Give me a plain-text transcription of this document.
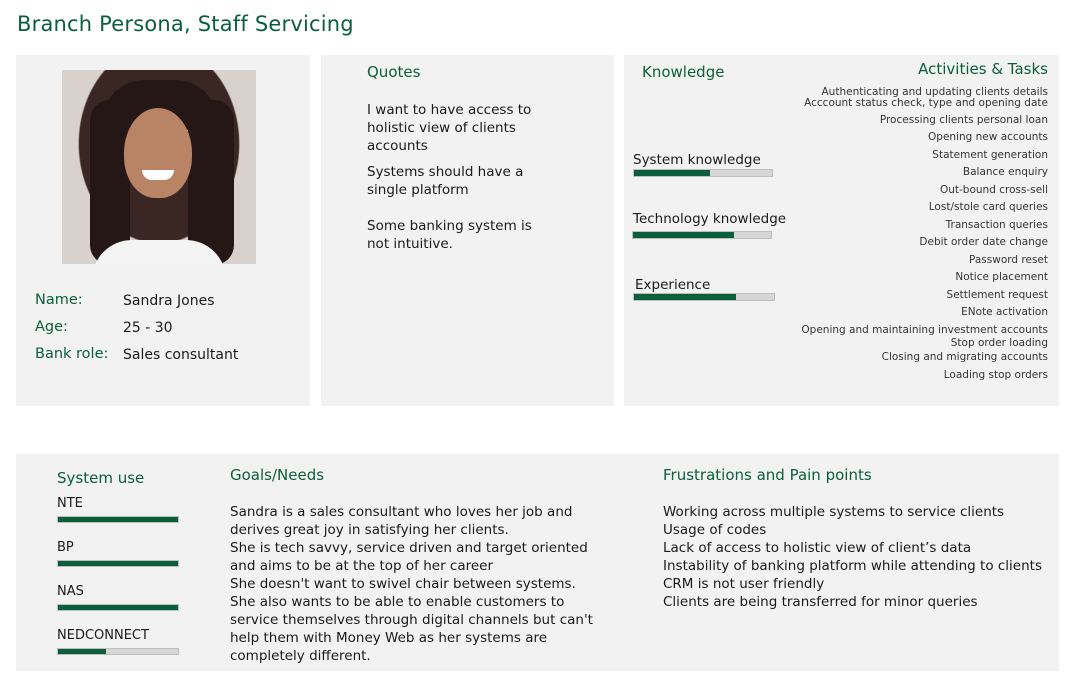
Branch Persona, Staff Servicing
Name:	Sandra Jones
Age:	25 - 30
Bank role: Sales consultant
Quotes
I want to have access to holistic view of clients accounts
Systems should have a single platform
Some banking system is not intuitive.
Knowledge
System knowledge
Technology knowledge
Experience
Activities & Tasks
Authenticating and updating clients details
Acccount status check, type and opening date
Processing clients personal loan
Opening new accounts
Statement generation
Balance enquiry
Out-bound cross-sell
Lost/stole card queries
Transaction queries
Debit order date change
Password reset
Notice placement
Settlement request
ENote activation
Opening and maintaining investment accounts
Stop order loading
Closing and migrating accounts
Loading stop orders
System use
NTE
BP
NAS
NEDCONNECT
Goals/Needs
Sandra is a sales consultant who loves her job and
derives great joy in satisfying her clients.
She is tech savvy, service driven and target oriented
and aims to be at the top of her career
She doesn't want to swivel chair between systems.
She also wants to be able to enable customers to
service themselves through digital channels but can't
help them with Money Web as her systems are
completely different.
Frustrations and Pain points
Working across multiple systems to service clients
Usage of codes
Lack of access to holistic view of client’s data
Instability of banking platform while attending to clients
CRM is not user friendly
Clients are being transferred for minor queries
